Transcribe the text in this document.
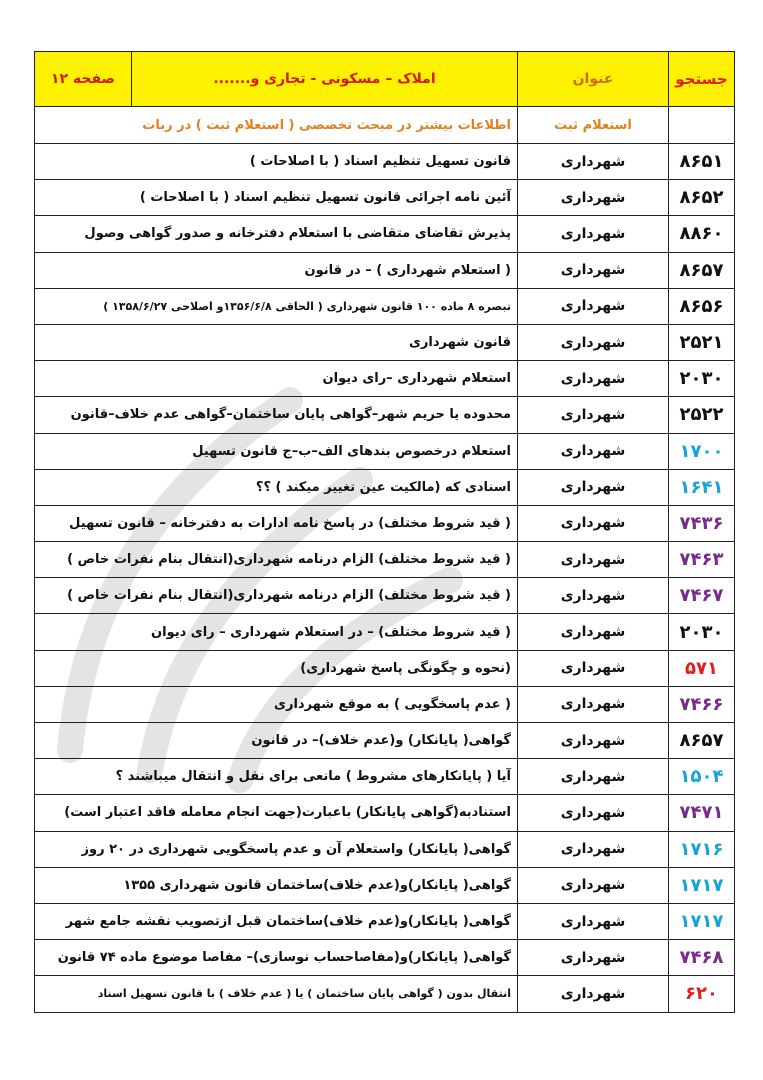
جستجو	عنوان	املاک – مسکونی - تجاری و.......	صفحه ۱۲
	استعلام ثبت	اطلاعات بیشتر در مبحث تخصصی ( استعلام ثبت ) در ربات	
۸۶۵۱	شهرداری	قانون تسهیل تنظیم اسناد ( با اصلاحات )	
۸۶۵۲	شهرداری	آئین نامه اجرائی قانون تسهیل تنظیم اسناد ( با اصلاحات )	
۸۸۶۰	شهرداری	پذیرش تقاضای متقاضی با استعلام دفترخانه و صدور گواهی وصول	
۸۶۵۷	شهرداری	( استعلام شهرداری ) – در قانون	
۸۶۵۶	شهرداری	تبصره ۸ ماده ۱۰۰ قانون شهرداری ( الحاقی ۱۳۵۶/۶/۸و اصلاحی ۱۳۵۸/۶/۲۷ )	
۲۵۲۱	شهرداری	قانون شهرداری	
۲۰۳۰	شهرداری	استعلام شهرداری –رای دیوان	
۲۵۲۲	شهرداری	محدوده یا حریم شهر–گواهی پایان ساختمان–گواهی عدم خلاف–قانون	
۱۷۰۰	شهرداری	استعلام درخصوص بندهای الف–ب–ج قانون تسهیل	
۱۶۴۱	شهرداری	اسنادی که (مالکیت عین تغییر میکند ) ؟؟	
۷۴۳۶	شهرداری	( قید شروط مختلف) در پاسخ نامه ادارات به دفترخانه – قانون تسهیل	
۷۴۶۳	شهرداری	( قید شروط مختلف) الزام درنامه شهرداری(انتقال بنام نفرات خاص )	
۷۴۶۷	شهرداری	( قید شروط مختلف) الزام درنامه شهرداری(انتقال بنام نفرات خاص )	
۲۰۳۰	شهرداری	( قید شروط مختلف) – در استعلام شهرداری – رای دیوان	
۵۷۱	شهرداری	(نحوه و چگونگی پاسخ شهرداری)	
۷۴۶۶	شهرداری	( عدم پاسخگویی ) به موقع شهرداری	
۸۶۵۷	شهرداری	گواهی( پایانکار) و(عدم خلاف)– در قانون	
۱۵۰۴	شهرداری	آیا ( پایانکارهای مشروط ) مانعی برای نقل و انتقال میباشند ؟	
۷۴۷۱	شهرداری	استنادبه(گواهی پایانکار) باعبارت(جهت انجام معامله فاقد اعتبار است)	
۱۷۱۶	شهرداری	گواهی( پایانکار) واستعلام آن و عدم پاسخگویی شهرداری در ۲۰ روز	
۱۷۱۷	شهرداری	گواهی( پایانکار)و(عدم خلاف)ساختمان قانون شهرداری ۱۳۵۵	
۱۷۱۷	شهرداری	گواهی( پایانکار)و(عدم خلاف)ساختمان قبل ازتصویب نقشه جامع شهر	
۷۴۶۸	شهرداری	گواهی( پایانکار)و(مفاصاحساب نوسازی)– مفاصا موضوع ماده ۷۴ قانون	
۶۲۰	شهرداری	انتقال بدون ( گواهی پایان ساختمان ) یا ( عدم خلاف ) با قانون تسهیل اسناد	
